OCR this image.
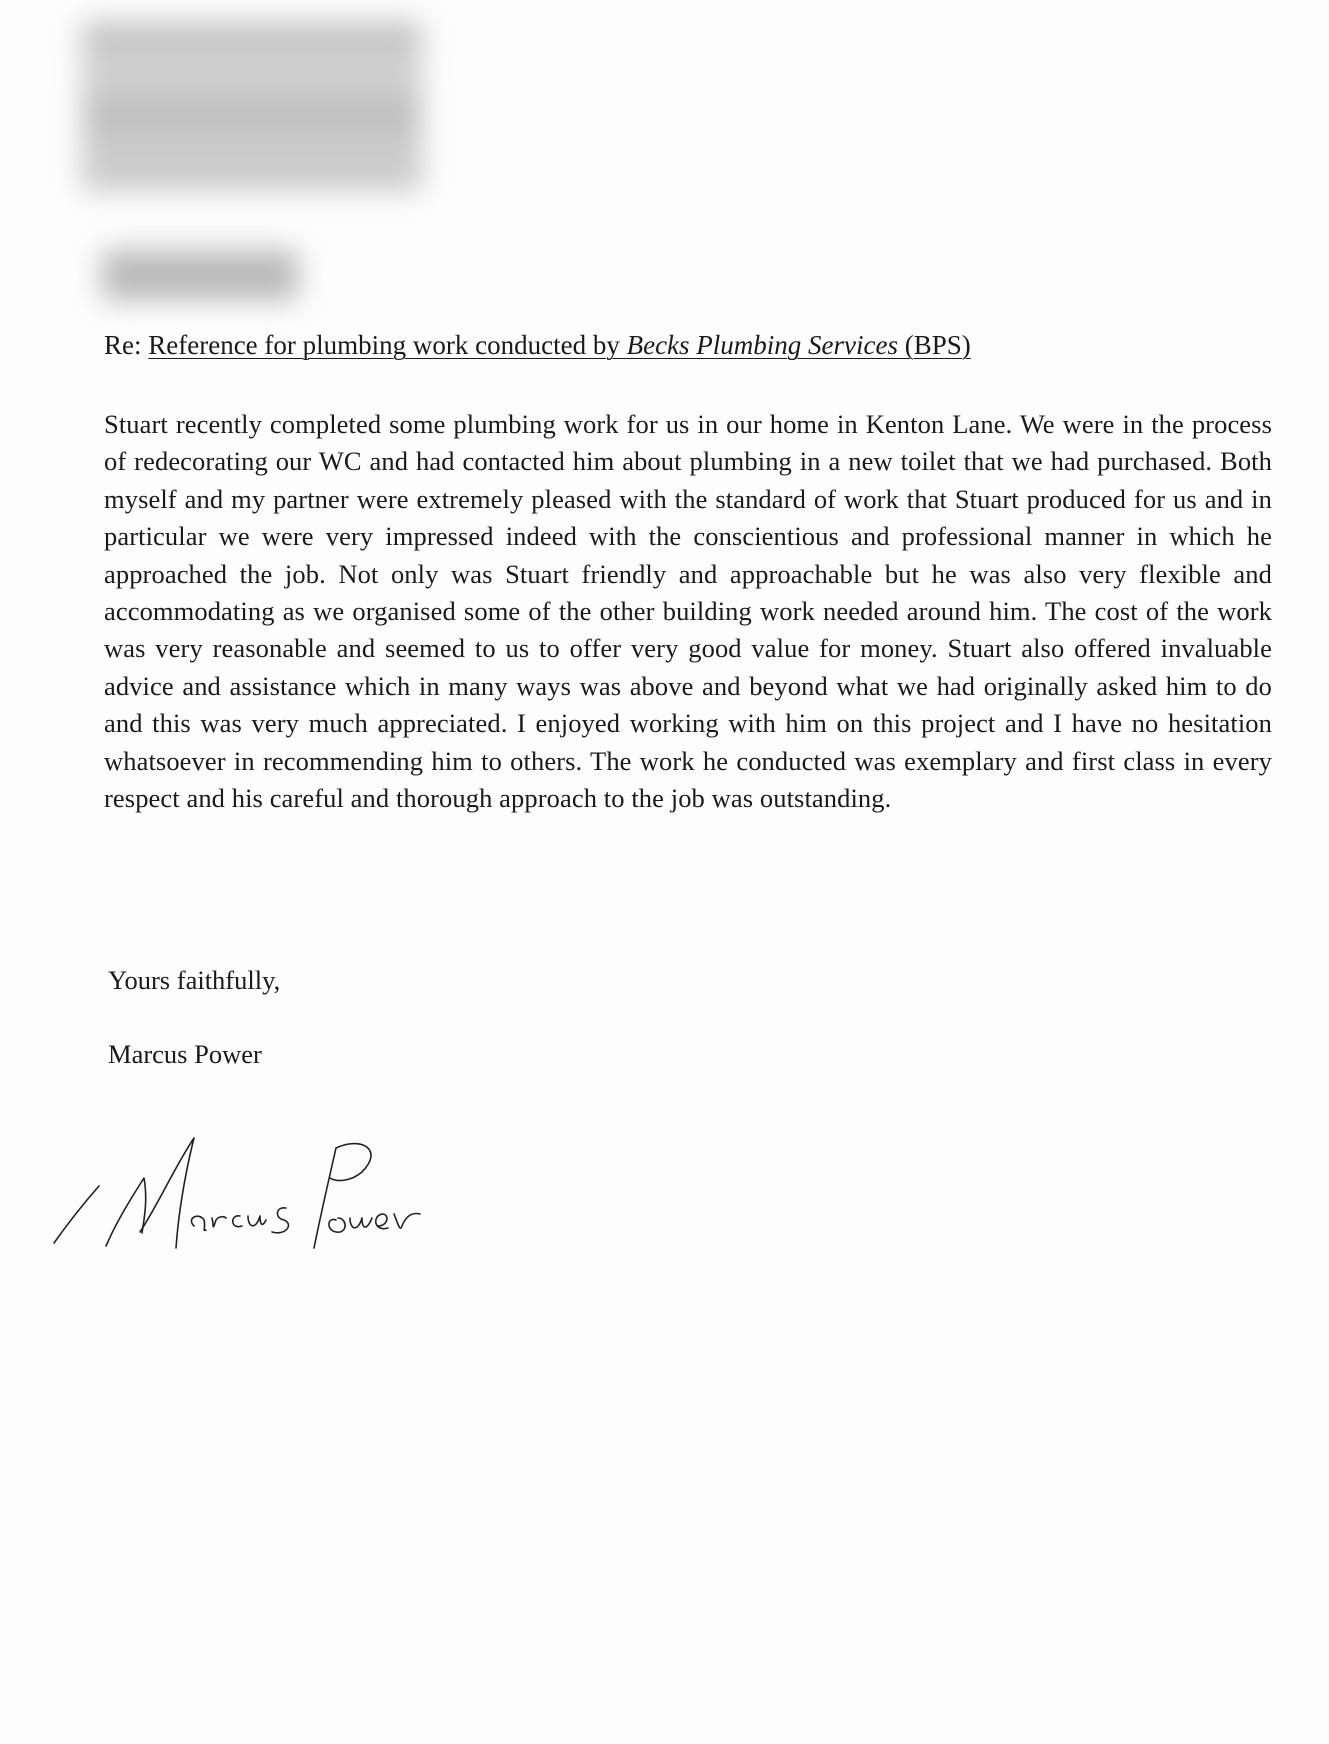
Re: Reference for plumbing work conducted by Becks Plumbing Services (BPS)
Stuart recently completed some plumbing work for us in our home in Kenton Lane. We were in the process of redecorating our WC and had contacted him about plumbing in a new toilet that we had purchased. Both myself and my partner were extremely pleased with the standard of work that Stuart produced for us and in particular we were very impressed indeed with the conscientious and professional manner in which he approached the job. Not only was Stuart friendly and approachable but he was also very flexible and accommodating as we organised some of the other building work needed around him. The cost of the work was very reasonable and seemed to us to offer very good value for money. Stuart also offered invaluable advice and assistance which in many ways was above and beyond what we had originally asked him to do and this was very much appreciated. I enjoyed working with him on this project and I have no hesitation whatsoever in recommending him to others. The work he conducted was exemplary and first class in every respect and his careful and thorough approach to the job was outstanding.
Yours faithfully,
Marcus Power
